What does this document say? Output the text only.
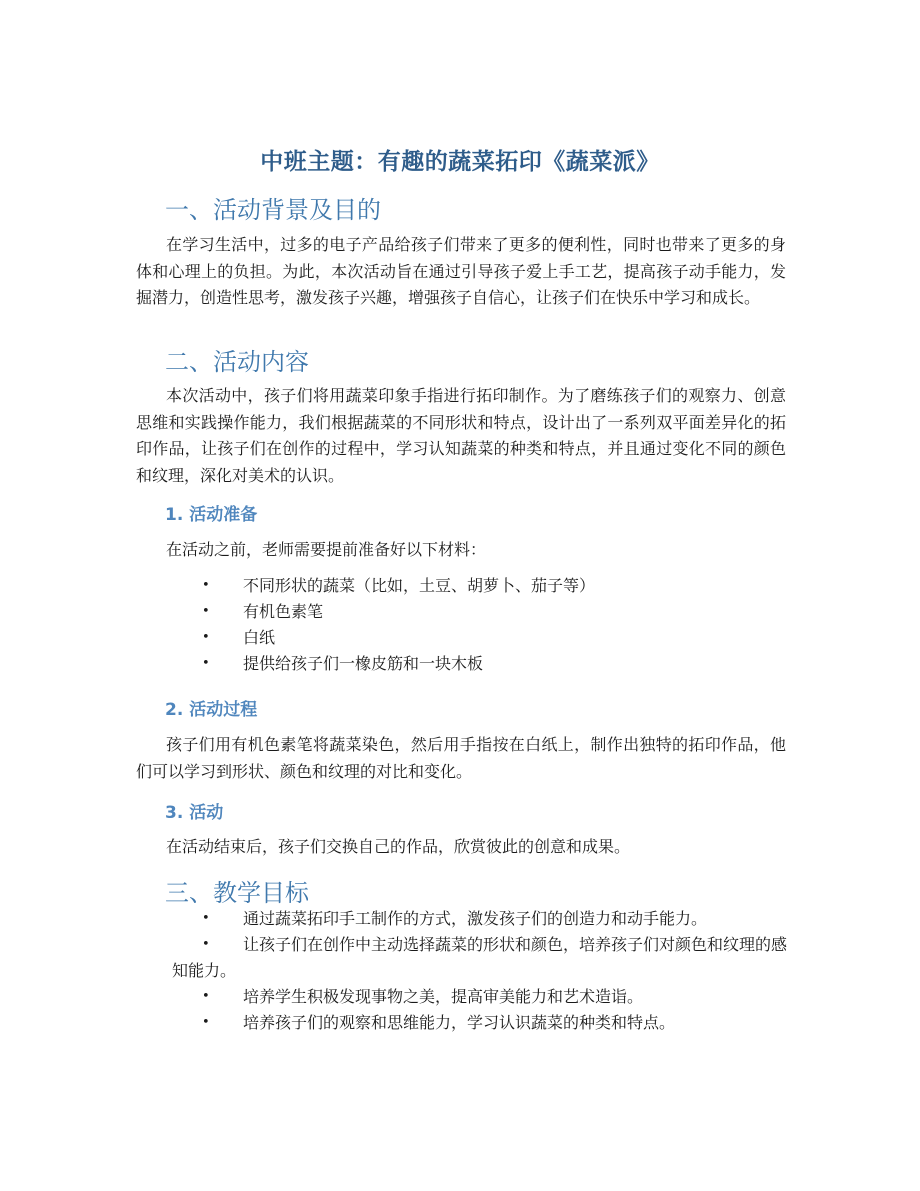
中班主题：有趣的蔬菜拓印《蔬菜派》
一、活动背景及目的

在学习生活中，过多的电子产品给孩子们带来了更多的便利性，同时也带来了更多的身体和心理上的负担。为此，本次活动旨在通过引导孩子爱上手工艺，提高孩子动手能力，发掘潜力，创造性思考，激发孩子兴趣，增强孩子自信心，让孩子们在快乐中学习和成长。

二、活动内容

本次活动中，孩子们将用蔬菜印象手指进行拓印制作。为了磨练孩子们的观察力、创意思维和实践操作能力，我们根据蔬菜的不同形状和特点，设计出了一系列双平面差异化的拓印作品，让孩子们在创作的过程中，学习认知蔬菜的种类和特点，并且通过变化不同的颜色和纹理，深化对美术的认识。

1. 活动准备

在活动之前，老师需要提前准备好以下材料：

• 不同形状的蔬菜（比如，土豆、胡萝卜、茄子等）
• 有机色素笔
• 白纸
• 提供给孩子们一橡皮筋和一块木板
2. 活动过程

孩子们用有机色素笔将蔬菜染色，然后用手指按在白纸上，制作出独特的拓印作品，他们可以学习到形状、颜色和纹理的对比和变化。

3. 活动

在活动结束后，孩子们交换自己的作品，欣赏彼此的创意和成果。

三、教学目标
• 通过蔬菜拓印手工制作的方式，激发孩子们的创造力和动手能力。
• 让孩子们在创作中主动选择蔬菜的形状和颜色，培养孩子们对颜色和纹理的感知能力。
• 培养学生积极发现事物之美，提高审美能力和艺术造诣。
• 培养孩子们的观察和思维能力，学习认识蔬菜的种类和特点。
